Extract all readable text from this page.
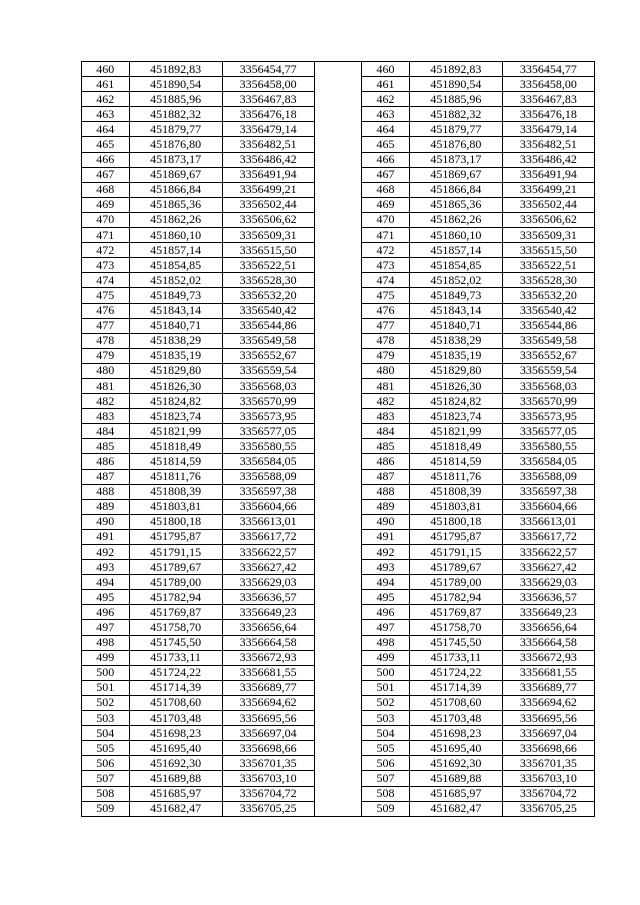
460	451892,83	3356454,77		460	451892,83	3356454,77
461	451890,54	3356458,00		461	451890,54	3356458,00
462	451885,96	3356467,83		462	451885,96	3356467,83
463	451882,32	3356476,18		463	451882,32	3356476,18
464	451879,77	3356479,14		464	451879,77	3356479,14
465	451876,80	3356482,51		465	451876,80	3356482,51
466	451873,17	3356486,42		466	451873,17	3356486,42
467	451869,67	3356491,94		467	451869,67	3356491,94
468	451866,84	3356499,21		468	451866,84	3356499,21
469	451865,36	3356502,44		469	451865,36	3356502,44
470	451862,26	3356506,62		470	451862,26	3356506,62
471	451860,10	3356509,31		471	451860,10	3356509,31
472	451857,14	3356515,50		472	451857,14	3356515,50
473	451854,85	3356522,51		473	451854,85	3356522,51
474	451852,02	3356528,30		474	451852,02	3356528,30
475	451849,73	3356532,20		475	451849,73	3356532,20
476	451843,14	3356540,42		476	451843,14	3356540,42
477	451840,71	3356544,86		477	451840,71	3356544,86
478	451838,29	3356549,58		478	451838,29	3356549,58
479	451835,19	3356552,67		479	451835,19	3356552,67
480	451829,80	3356559,54		480	451829,80	3356559,54
481	451826,30	3356568,03		481	451826,30	3356568,03
482	451824,82	3356570,99		482	451824,82	3356570,99
483	451823,74	3356573,95		483	451823,74	3356573,95
484	451821,99	3356577,05		484	451821,99	3356577,05
485	451818,49	3356580,55		485	451818,49	3356580,55
486	451814,59	3356584,05		486	451814,59	3356584,05
487	451811,76	3356588,09		487	451811,76	3356588,09
488	451808,39	3356597,38		488	451808,39	3356597,38
489	451803,81	3356604,66		489	451803,81	3356604,66
490	451800,18	3356613,01		490	451800,18	3356613,01
491	451795,87	3356617,72		491	451795,87	3356617,72
492	451791,15	3356622,57		492	451791,15	3356622,57
493	451789,67	3356627,42		493	451789,67	3356627,42
494	451789,00	3356629,03		494	451789,00	3356629,03
495	451782,94	3356636,57		495	451782,94	3356636,57
496	451769,87	3356649,23		496	451769,87	3356649,23
497	451758,70	3356656,64		497	451758,70	3356656,64
498	451745,50	3356664,58		498	451745,50	3356664,58
499	451733,11	3356672,93		499	451733,11	3356672,93
500	451724,22	3356681,55		500	451724,22	3356681,55
501	451714,39	3356689,77		501	451714,39	3356689,77
502	451708,60	3356694,62		502	451708,60	3356694,62
503	451703,48	3356695,56		503	451703,48	3356695,56
504	451698,23	3356697,04		504	451698,23	3356697,04
505	451695,40	3356698,66		505	451695,40	3356698,66
506	451692,30	3356701,35		506	451692,30	3356701,35
507	451689,88	3356703,10		507	451689,88	3356703,10
508	451685,97	3356704,72		508	451685,97	3356704,72
509	451682,47	3356705,25		509	451682,47	3356705,25
